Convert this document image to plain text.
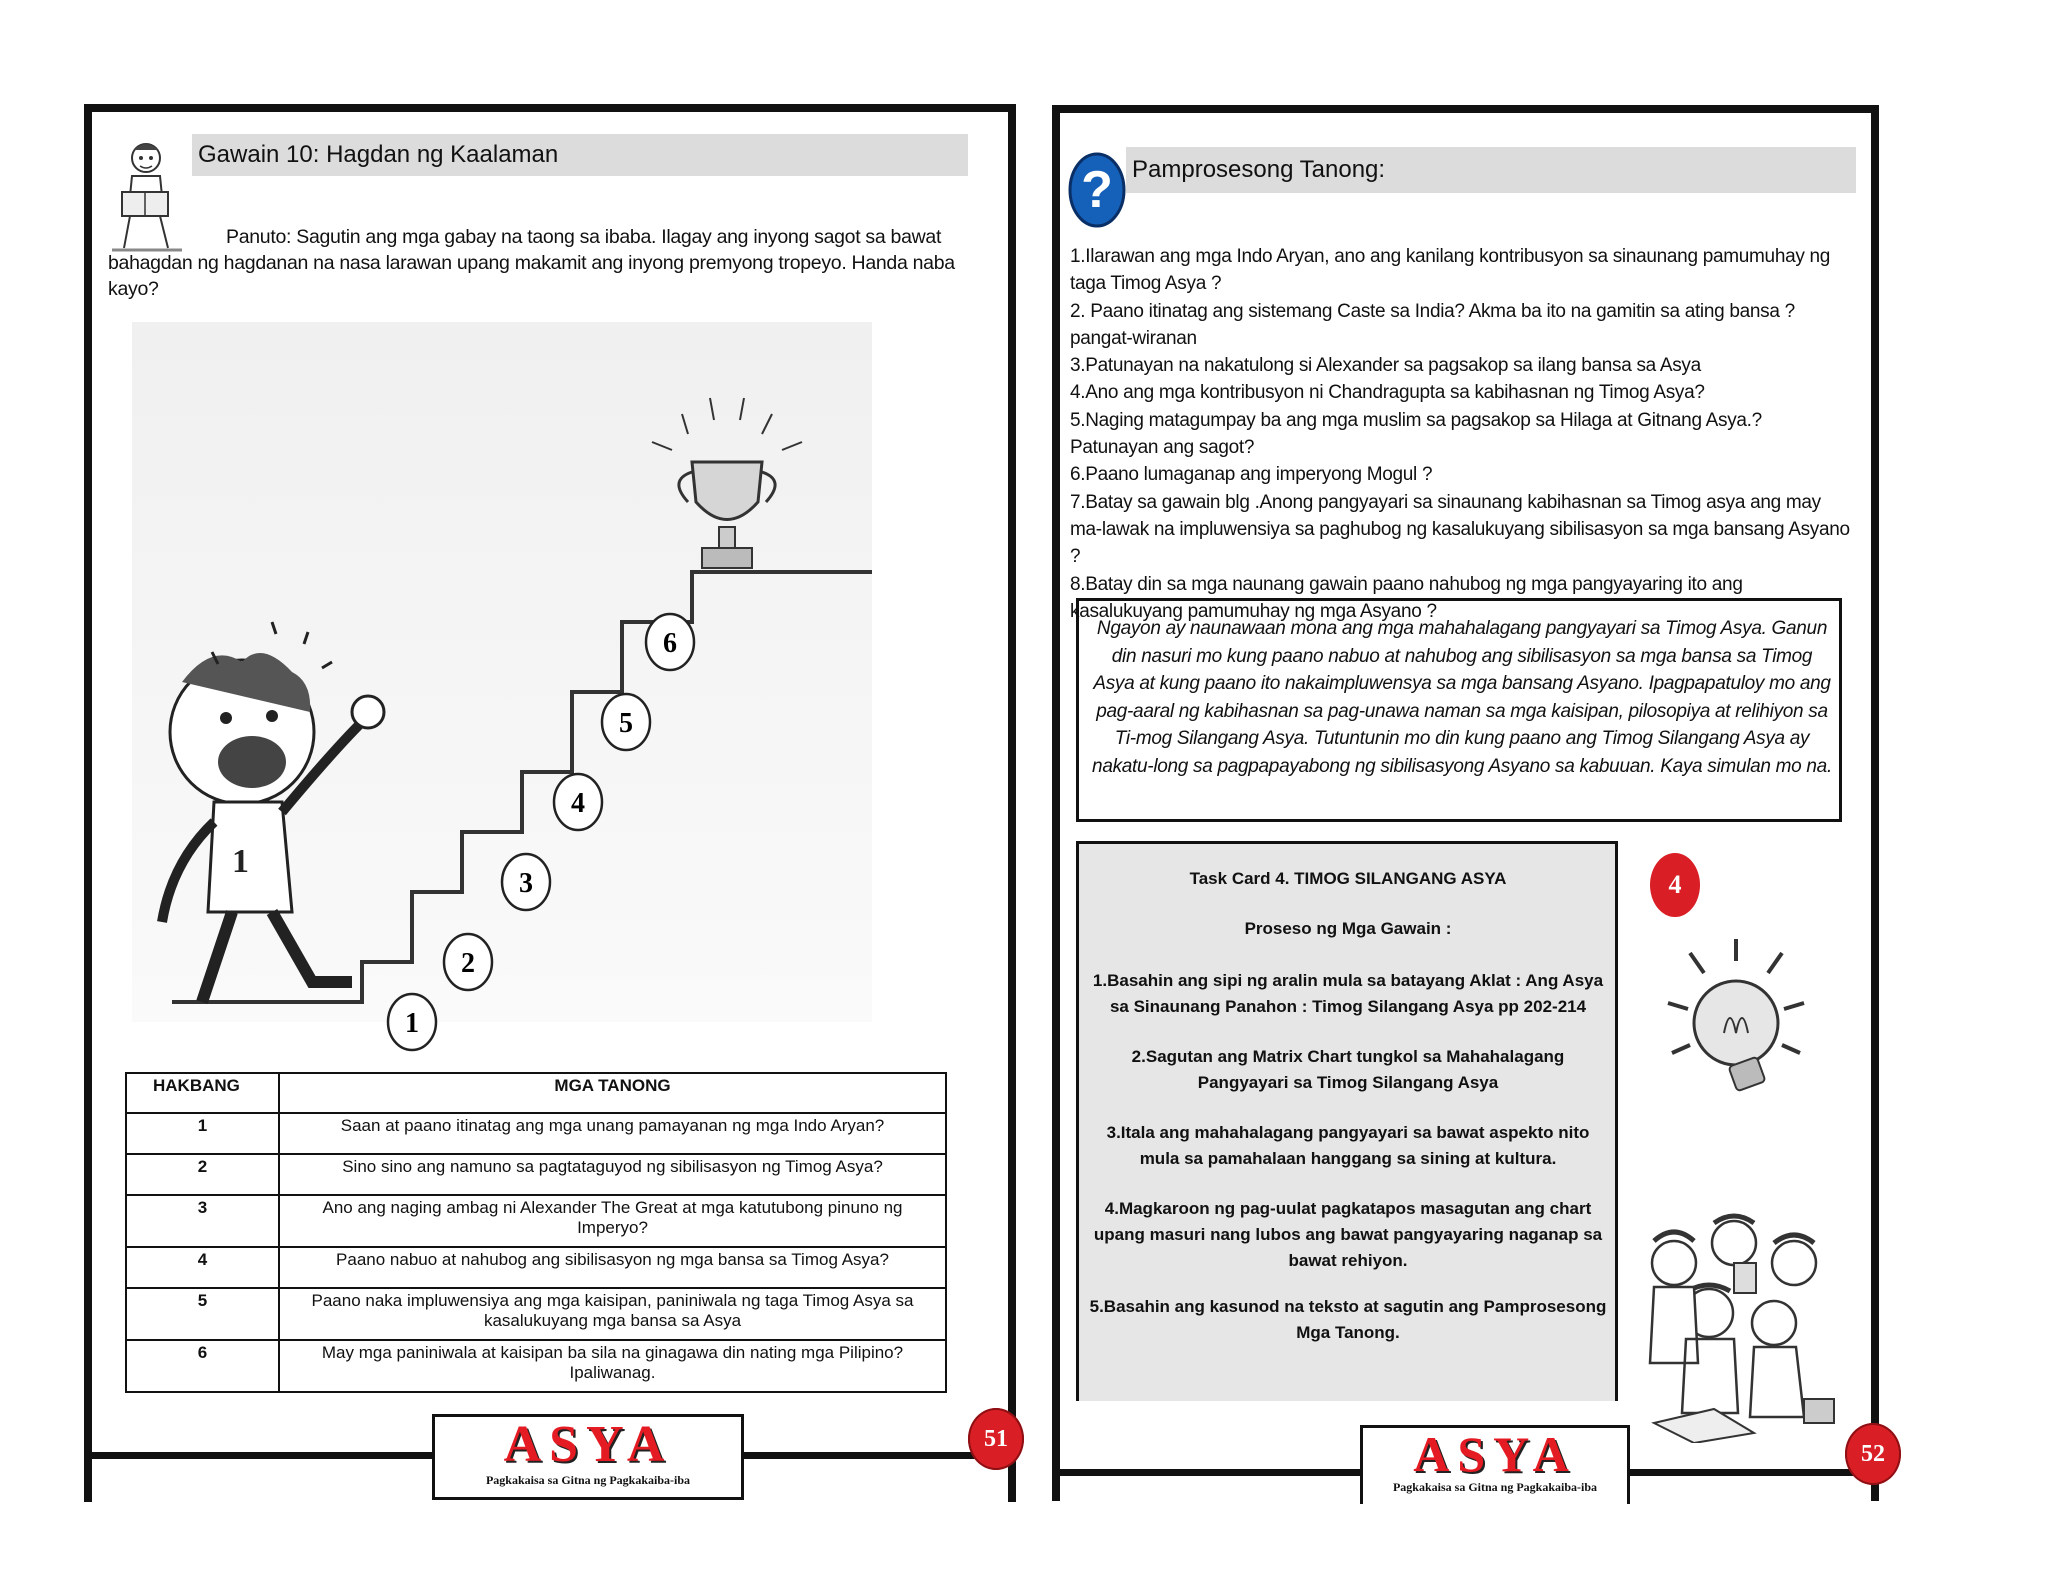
Gawain 10: Hagdan ng Kaalaman
Panuto: Sagutin ang mga gabay na taong sa ibaba. Ilagay ang inyong sagot sa bawat bahagdan ng hagdanan na nasa larawan upang makamit ang inyong premyong tropeyo. Handa naba kayo?
1
1
2
3
4
5
6
HAKBANG	MGA TANONG
1	Saan at paano itinatag ang mga unang pamayanan ng mga Indo Aryan?
2	Sino sino ang namuno sa pagtataguyod ng sibilisasyon ng Timog Asya?
3	Ano ang naging ambag ni Alexander The Great at mga katutubong pinuno ng Imperyo?
4	Paano nabuo at nahubog ang sibilisasyon ng mga bansa sa Timog Asya?
5	Paano naka impluwensiya ang mga kaisipan, paniniwala ng taga Timog Asya sa kasalukuyang mga bansa sa Asya
6	May mga paniniwala at kaisipan ba sila na ginagawa din nating mga Pilipino? Ipaliwanag.
ASYA
Pagkakaisa sa Gitna ng Pagkakaiba-iba
51
? Pamprosesong Tanong:
1.Ilarawan ang mga Indo Aryan, ano ang kanilang kontribusyon sa sinaunang pamumuhay ng taga Timog Asya ?
2. Paano itinatag ang sistemang Caste sa India? Akma ba ito na gamitin sa ating bansa ? pangat-wiranan
3.Patunayan na nakatulong si Alexander sa pagsakop sa ilang bansa sa Asya
4.Ano ang mga kontribusyon ni Chandragupta sa kabihasnan ng Timog Asya?
5.Naging matagumpay ba ang mga muslim sa pagsakop sa Hilaga at Gitnang Asya.?Patunayan ang sagot?
6.Paano lumaganap ang imperyong Mogul ?
7.Batay sa gawain blg .Anong pangyayari sa sinaunang kabihasnan sa Timog asya ang may ma-lawak na impluwensiya sa paghubog ng kasalukuyang sibilisasyon sa mga bansang Asyano ?
8.Batay din sa mga naunang gawain paano nahubog ng mga pangyayaring ito ang kasalukuyang pamumuhay ng mga Asyano ?
Ngayon ay naunawaan mona ang mga mahahalagang pangyayari sa Timog Asya. Ganun din nasuri mo kung paano nabuo at nahubog ang sibilisasyon sa mga bansa sa Timog Asya at kung paano ito nakaimpluwensya sa mga bansang Asyano. Ipagpapatuloy mo ang pag-aaral ng kabihasnan sa pag-unawa naman sa mga kaisipan, pilosopiya at relihiyon sa Ti-mog Silangang Asya. Tutuntunin mo din kung paano ang Timog Silangang Asya ay nakatu-long sa pagpapayabong ng sibilisasyong Asyano sa kabuuan. Kaya simulan mo na.
Task Card 4. TIMOG SILANGANG ASYA
Proseso ng Mga Gawain :
1.Basahin ang sipi ng aralin mula sa batayang Aklat : Ang Asya sa Sinaunang Panahon : Timog Silangang Asya pp 202-214
2.Sagutan ang Matrix Chart tungkol sa Mahahalagang Pangyayari sa Timog Silangang Asya
3.Itala ang mahahalagang pangyayari sa bawat aspekto nito mula sa pamahalaan hanggang sa sining at kultura.
4.Magkaroon ng pag-uulat pagkatapos masagutan ang chart upang masuri nang lubos ang bawat pangyayaring naganap sa bawat rehiyon.
5.Basahin ang kasunod na teksto at sagutin ang Pamprosesong Mga Tanong.
4
ASYA
Pagkakaisa sa Gitna ng Pagkakaiba-iba
52
